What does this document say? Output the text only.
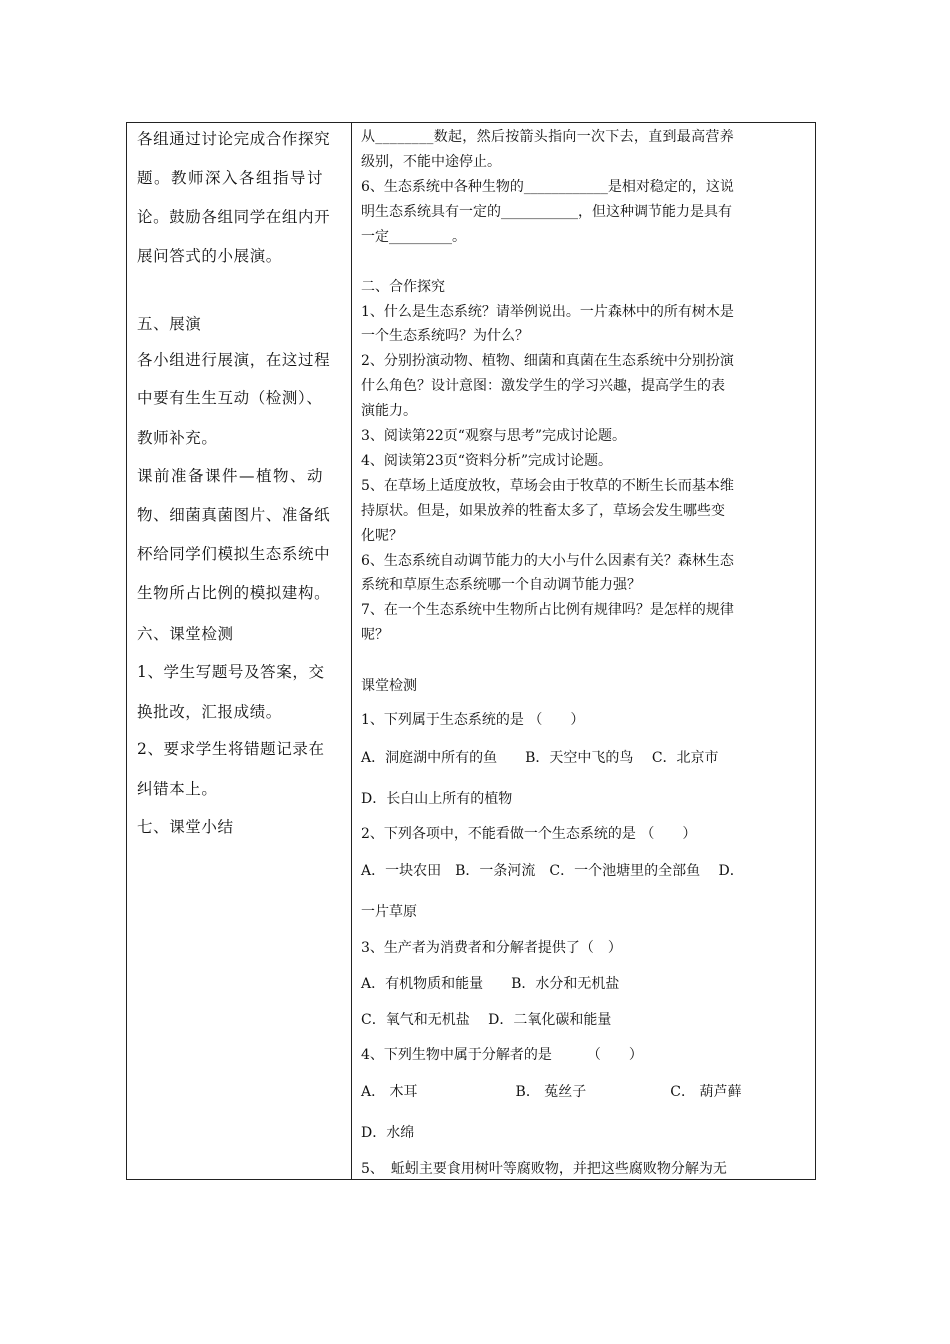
各组通过讨论完成合作探究
题。教师深入各组指导讨
论。鼓励各组同学在组内开
展问答式的小展演。
五、展演
各小组进行展演，在这过程
中要有生生互动（检测）、
教师补充。
课前准备课件—植物、动
物、细菌真菌图片、准备纸
杯给同学们模拟生态系统中
生物所占比例的模拟建构。
六、课堂检测
1、学生写题号及答案，交
换批改，汇报成绩。
2、要求学生将错题记录在
纠错本上。
七、课堂小结
从________数起，然后按箭头指向一次下去，直到最高营养
级别，不能中途停止。
6、生态系统中各种生物的____________是相对稳定的，这说
明生态系统具有一定的___________，但这种调节能力是具有
一定_________。
二、合作探究
1、什么是生态系统？请举例说出。一片森林中的所有树木是
一个生态系统吗？为什么？
2、分别扮演动物、植物、细菌和真菌在生态系统中分别扮演
什么角色？设计意图：激发学生的学习兴趣，提高学生的表
演能力。
3、阅读第22页“观察与思考”完成讨论题。
4、阅读第23页“资料分析”完成讨论题。
5、在草场上适度放牧，草场会由于牧草的不断生长而基本维
持原状。但是，如果放养的牲畜太多了，草场会发生哪些变
化呢？
6、生态系统自动调节能力的大小与什么因素有关？森林生态
系统和草原生态系统哪一个自动调节能力强？
7、在一个生态系统中生物所占比例有规律吗？是怎样的规律
呢？
课堂检测
1、下列属于生态系统的是 （　　）
A．洞庭湖中所有的鱼　　B．天空中飞的鸟　 C．北京市
D．长白山上所有的植物
2、下列各项中，不能看做一个生态系统的是 （　　）
A．一块农田　B．一条河流　C．一个池塘里的全部鱼　 D．
一片草原
3、生产者为消费者和分解者提供了（　）
A．有机物质和能量　　B．水分和无机盐
C．氧气和无机盐　 D．二氧化碳和能量
4、下列生物中属于分解者的是　　　（　　）
A． 木耳　　　　　　　B． 菟丝子　　　　　　C． 葫芦藓
D．水绵
5、　蚯蚓主要食用树叶等腐败物，并把这些腐败物分解为无
